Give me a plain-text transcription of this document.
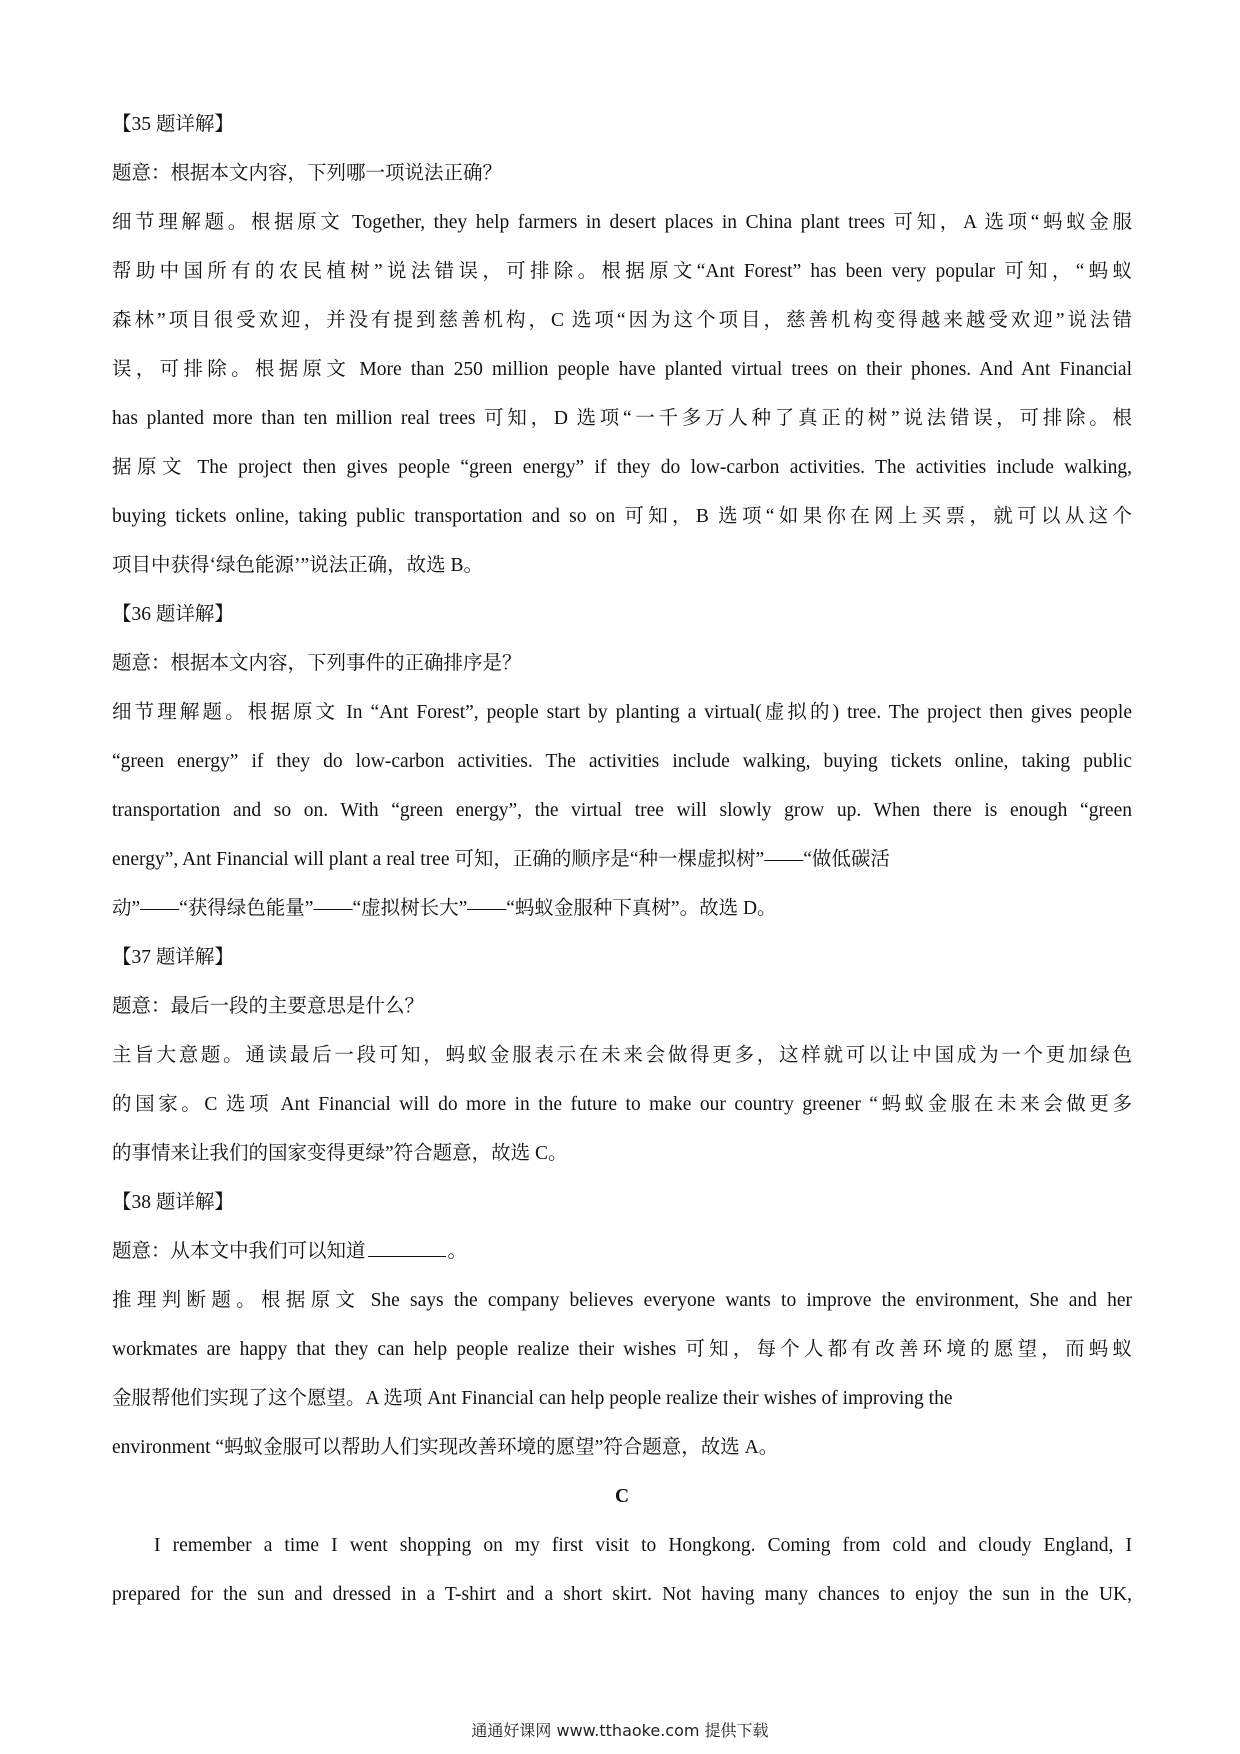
【35 题详解】

题意：根据本文内容，下列哪一项说法正确？

细节理解题。根据原文 Together, they help farmers in desert places in China plant trees 可知，A 选项“蚂蚁金服

帮助中国所有的农民植树”说法错误，可排除。根据原文“Ant Forest” has been very popular 可知，“蚂蚁

森林”项目很受欢迎，并没有提到慈善机构，C 选项“因为这个项目，慈善机构变得越来越受欢迎”说法错

误，可排除。根据原文 More than 250 million people have planted virtual trees on their phones. And Ant Financial

has planted more than ten million real trees 可知，D 选项“一千多万人种了真正的树”说法错误，可排除。根

据原文 The project then gives people “green energy” if they do low-carbon activities. The activities include walking,

buying tickets online, taking public transportation and so on 可知，B 选项“如果你在网上买票，就可以从这个

项目中获得‘绿色能源’”说法正确，故选 B。

【36 题详解】

题意：根据本文内容，下列事件的正确排序是？

细节理解题。根据原文 In “Ant Forest”, people start by planting a virtual(虚拟的) tree. The project then gives people

“green energy” if they do low-carbon activities. The activities include walking, buying tickets online, taking public

transportation and so on. With “green energy”, the virtual tree will slowly grow up. When there is enough “green

energy”, Ant Financial will plant a real tree 可知，正确的顺序是“种一棵虚拟树”——“做低碳活

动”——“获得绿色能量”——“虚拟树长大”——“蚂蚁金服种下真树”。故选 D。

【37 题详解】

题意：最后一段的主要意思是什么？

主旨大意题。通读最后一段可知，蚂蚁金服表示在未来会做得更多，这样就可以让中国成为一个更加绿色

的国家。C 选项 Ant Financial will do more in the future to make our country greener “蚂蚁金服在未来会做更多

的事情来让我们的国家变得更绿”符合题意，故选 C。

【38 题详解】

题意：从本文中我们可以知道	。

推理判断题。根据原文 She says the company believes everyone wants to improve the environment, She and her

workmates are happy that they can help people realize their wishes 可知，每个人都有改善环境的愿望，而蚂蚁

金服帮他们实现了这个愿望。A 选项 Ant Financial can help people realize their wishes of improving the

environment “蚂蚁金服可以帮助人们实现改善环境的愿望”符合题意，故选 A。

C

I remember a time I went shopping on my first visit to Hongkong. Coming from cold and cloudy England, I

prepared for the sun and dressed in a T-shirt and a short skirt. Not having many chances to enjoy the sun in the UK,

通通好课网 www.tthaoke.com 提供下载
